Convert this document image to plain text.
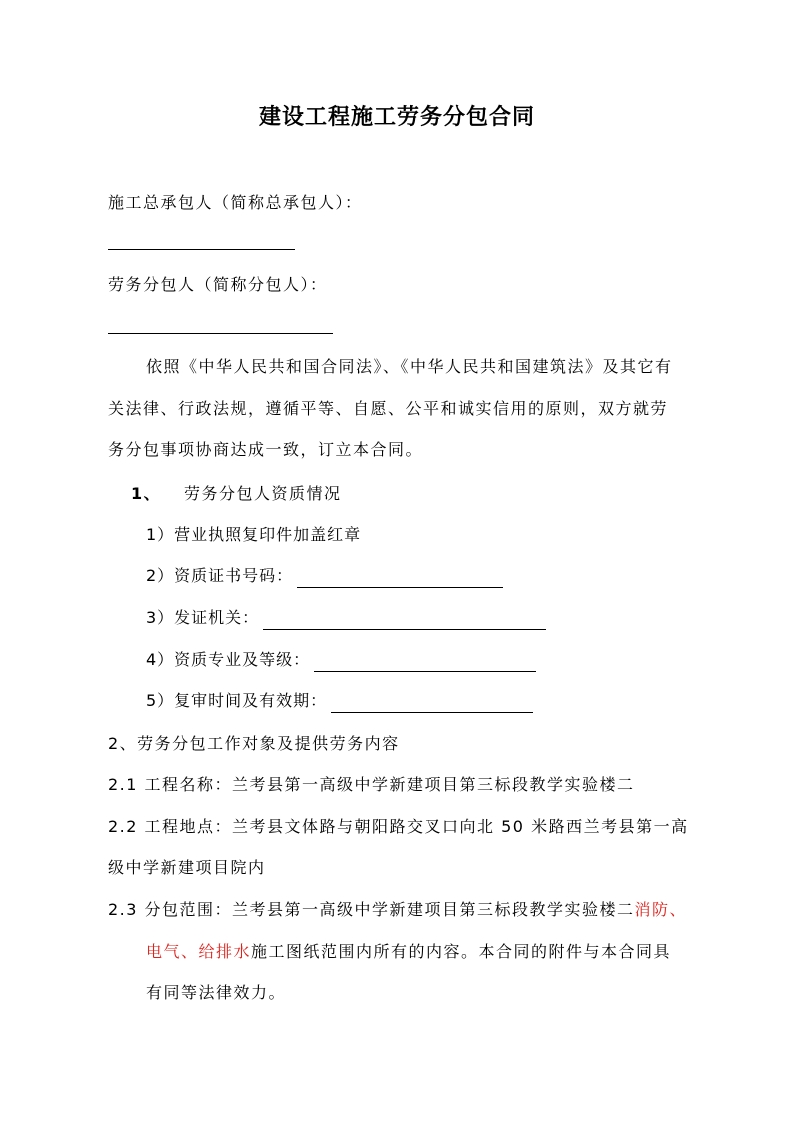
建设工程施工劳务分包合同
施工总承包人（简称总承包人）：
劳务分包人（简称分包人）：
依照《中华人民共和国合同法》、《中华人民共和国建筑法》及其它有
关法律、行政法规，遵循平等、自愿、公平和诚实信用的原则，双方就劳
务分包事项协商达成一致，订立本合同。
1、 劳务分包人资质情况
1）营业执照复印件加盖红章
2）资质证书号码：
3）发证机关：
4）资质专业及等级：
5）复审时间及有效期：
2、劳务分包工作对象及提供劳务内容
2.1 工程名称：兰考县第一高级中学新建项目第三标段教学实验楼二
2.2 工程地点：兰考县文体路与朝阳路交叉口向北 50 米路西兰考县第一高
级中学新建项目院内
2.3 分包范围：兰考县第一高级中学新建项目第三标段教学实验楼二消防、
电气、给排水施工图纸范围内所有的内容。本合同的附件与本合同具
有同等法律效力。
